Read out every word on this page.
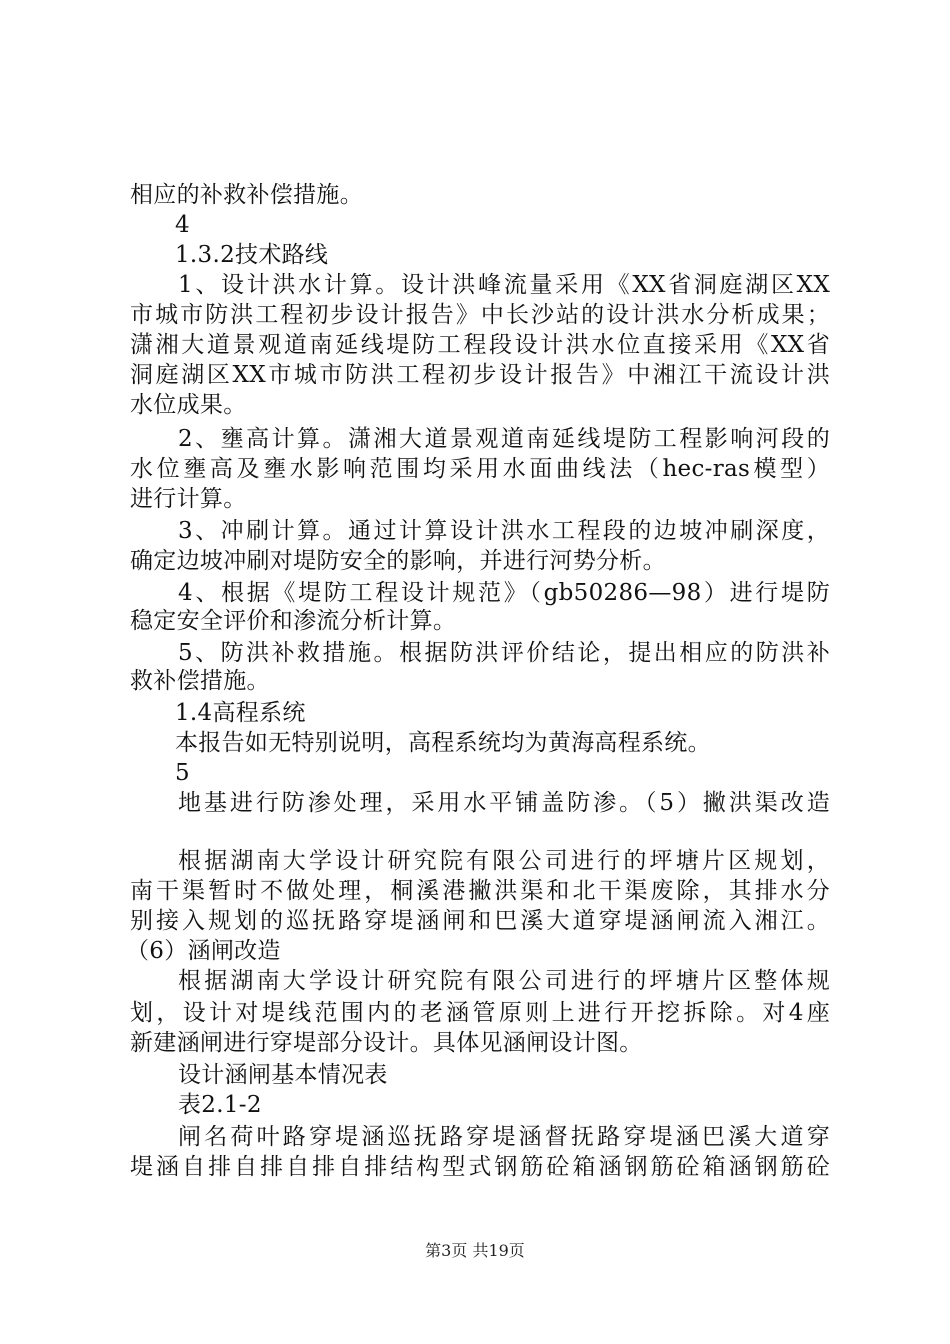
相应的补救补偿措施。
4
1.3.2技术路线
1、设计洪水计算。设计洪峰流量采用《XX省洞庭湖区XX
市城市防洪工程初步设计报告》中长沙站的设计洪水分析成果；
潇湘大道景观道南延线堤防工程段设计洪水位直接采用《XX省
洞庭湖区XX市城市防洪工程初步设计报告》中湘江干流设计洪
水位成果。
2、壅高计算。潇湘大道景观道南延线堤防工程影响河段的
水位壅高及壅水影响范围均采用水面曲线法（hec-ras模型）
进行计算。
3、冲刷计算。通过计算设计洪水工程段的边坡冲刷深度，
确定边坡冲刷对堤防安全的影响，并进行河势分析。
4、根据《堤防工程设计规范》（gb50286—98）进行堤防
稳定安全评价和渗流分析计算。
5、防洪补救措施。根据防洪评价结论，提出相应的防洪补
救补偿措施。
1.4高程系统
本报告如无特别说明，高程系统均为黄海高程系统。
5
地基进行防渗处理，采用水平铺盖防渗。（5）撇洪渠改造
根据湖南大学设计研究院有限公司进行的坪塘片区规划，
南干渠暂时不做处理，桐溪港撇洪渠和北干渠废除，其排水分
别接入规划的巡抚路穿堤涵闸和巴溪大道穿堤涵闸流入湘江。
（6）涵闸改造
根据湖南大学设计研究院有限公司进行的坪塘片区整体规
划，设计对堤线范围内的老涵管原则上进行开挖拆除。对4座
新建涵闸进行穿堤部分设计。具体见涵闸设计图。
设计涵闸基本情况表
表2.1-2
闸名荷叶路穿堤涵巡抚路穿堤涵督抚路穿堤涵巴溪大道穿
堤涵自排自排自排自排结构型式钢筋砼箱涵钢筋砼箱涵钢筋砼
第3页 共19页
